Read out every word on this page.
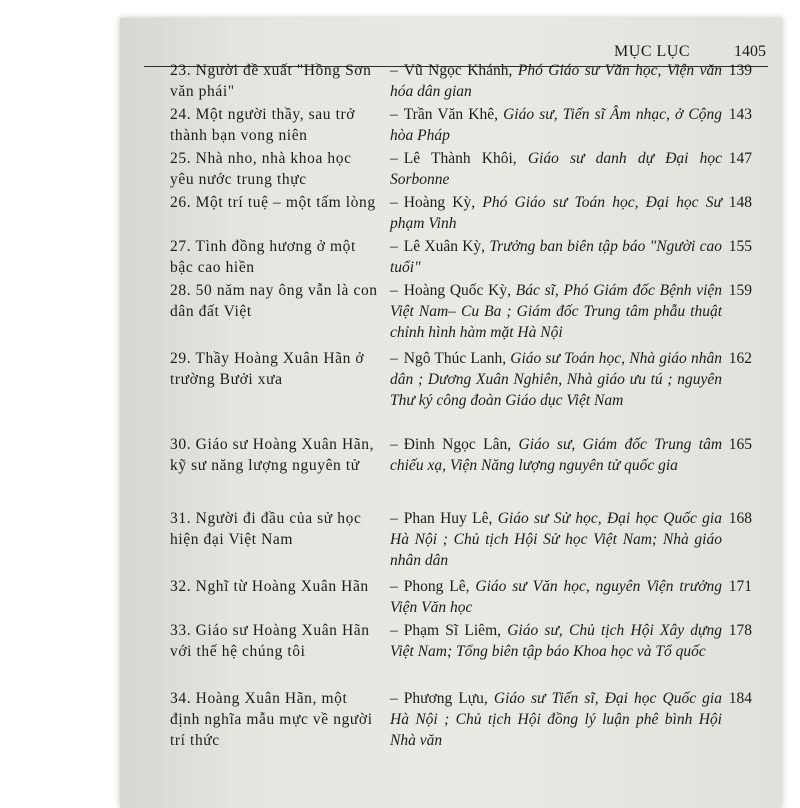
MỤC LỤC	1405
23. Người đề xuất "Hồng Sơn văn phái"
– Vũ Ngọc Khánh, Phó Giáo sư Văn học, Viện văn hóa dân gian
139
24. Một người thầy, sau trở thành bạn vong niên
– Trần Văn Khê, Giáo sư, Tiến sĩ Âm nhạc, ở Cộng hòa Pháp
143
25. Nhà nho, nhà khoa học yêu nước trung thực
– Lê Thành Khôi, Giáo sư danh dự Đại học Sorbonne
147
26. Một trí tuệ – một tấm lòng – Hoàng Kỳ, Phó Giáo sư Toán học, Đại học Sư phạm Vinh
148
27. Tình đồng hương ở một bậc cao hiền
– Lê Xuân Kỳ, Trưởng ban biên tập báo "Người cao tuổi"
155
28. 50 năm nay ông vẫn là con dân đất Việt
– Hoàng Quốc Kỳ, Bác sĩ, Phó Giám đốc Bệnh viện Việt Nam– Cu Ba ; Giám đốc Trung tâm phẫu thuật chỉnh hình hàm mặt Hà Nội
159
29. Thầy Hoàng Xuân Hãn ở trường Bưởi xưa
– Ngô Thúc Lanh, Giáo sư Toán học, Nhà giáo nhân dân ; Dương Xuân Nghiên, Nhà giáo ưu tú ; nguyên Thư ký công đoàn Giáo dục Việt Nam
162
30. Giáo sư Hoàng Xuân Hãn, kỹ sư năng lượng nguyên tử
– Đinh Ngọc Lân, Giáo sư, Giám đốc Trung tâm chiếu xạ, Viện Năng lượng nguyên tử quốc gia
165
31. Người đi đầu của sử học hiện đại Việt Nam
– Phan Huy Lê, Giáo sư Sử học, Đại học Quốc gia Hà Nội ; Chủ tịch Hội Sử học Việt Nam; Nhà giáo nhân dân
168
32. Nghĩ từ Hoàng Xuân Hãn	– Phong Lê, Giáo sư Văn học, nguyên Viện trưởng Viện Văn học
171
33. Giáo sư Hoàng Xuân Hãn với thế hệ chúng tôi
– Phạm Sĩ Liêm, Giáo sư, Chủ tịch Hội Xây dựng Việt Nam; Tổng biên tập báo Khoa học và Tổ quốc
178
34. Hoàng Xuân Hãn, một định nghĩa mẫu mực về người trí thức
– Phương Lựu, Giáo sư Tiến sĩ, Đại học Quốc gia Hà Nội ; Chủ tịch Hội đồng lý luận phê bình Hội Nhà văn
184
